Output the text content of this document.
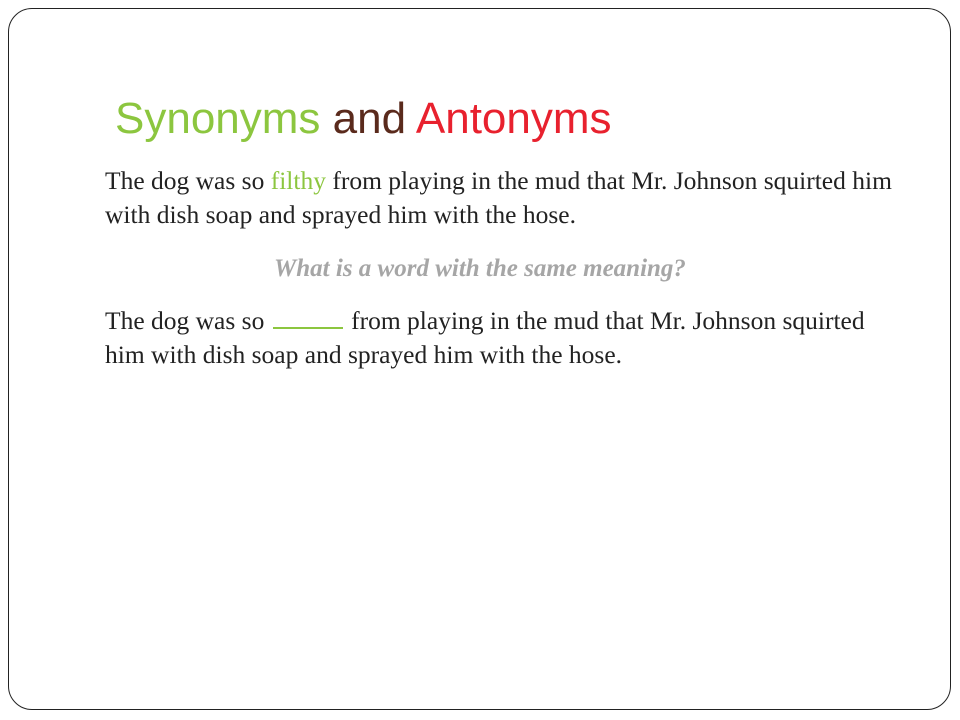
Synonyms and Antonyms

The dog was so filthy from playing in the mud that Mr. Johnson squirted him with dish soap and sprayed him with the hose.

What is a word with the same meaning?

The dog was so	from playing in the mud that Mr. Johnson squirted him with dish soap and sprayed him with the hose.
